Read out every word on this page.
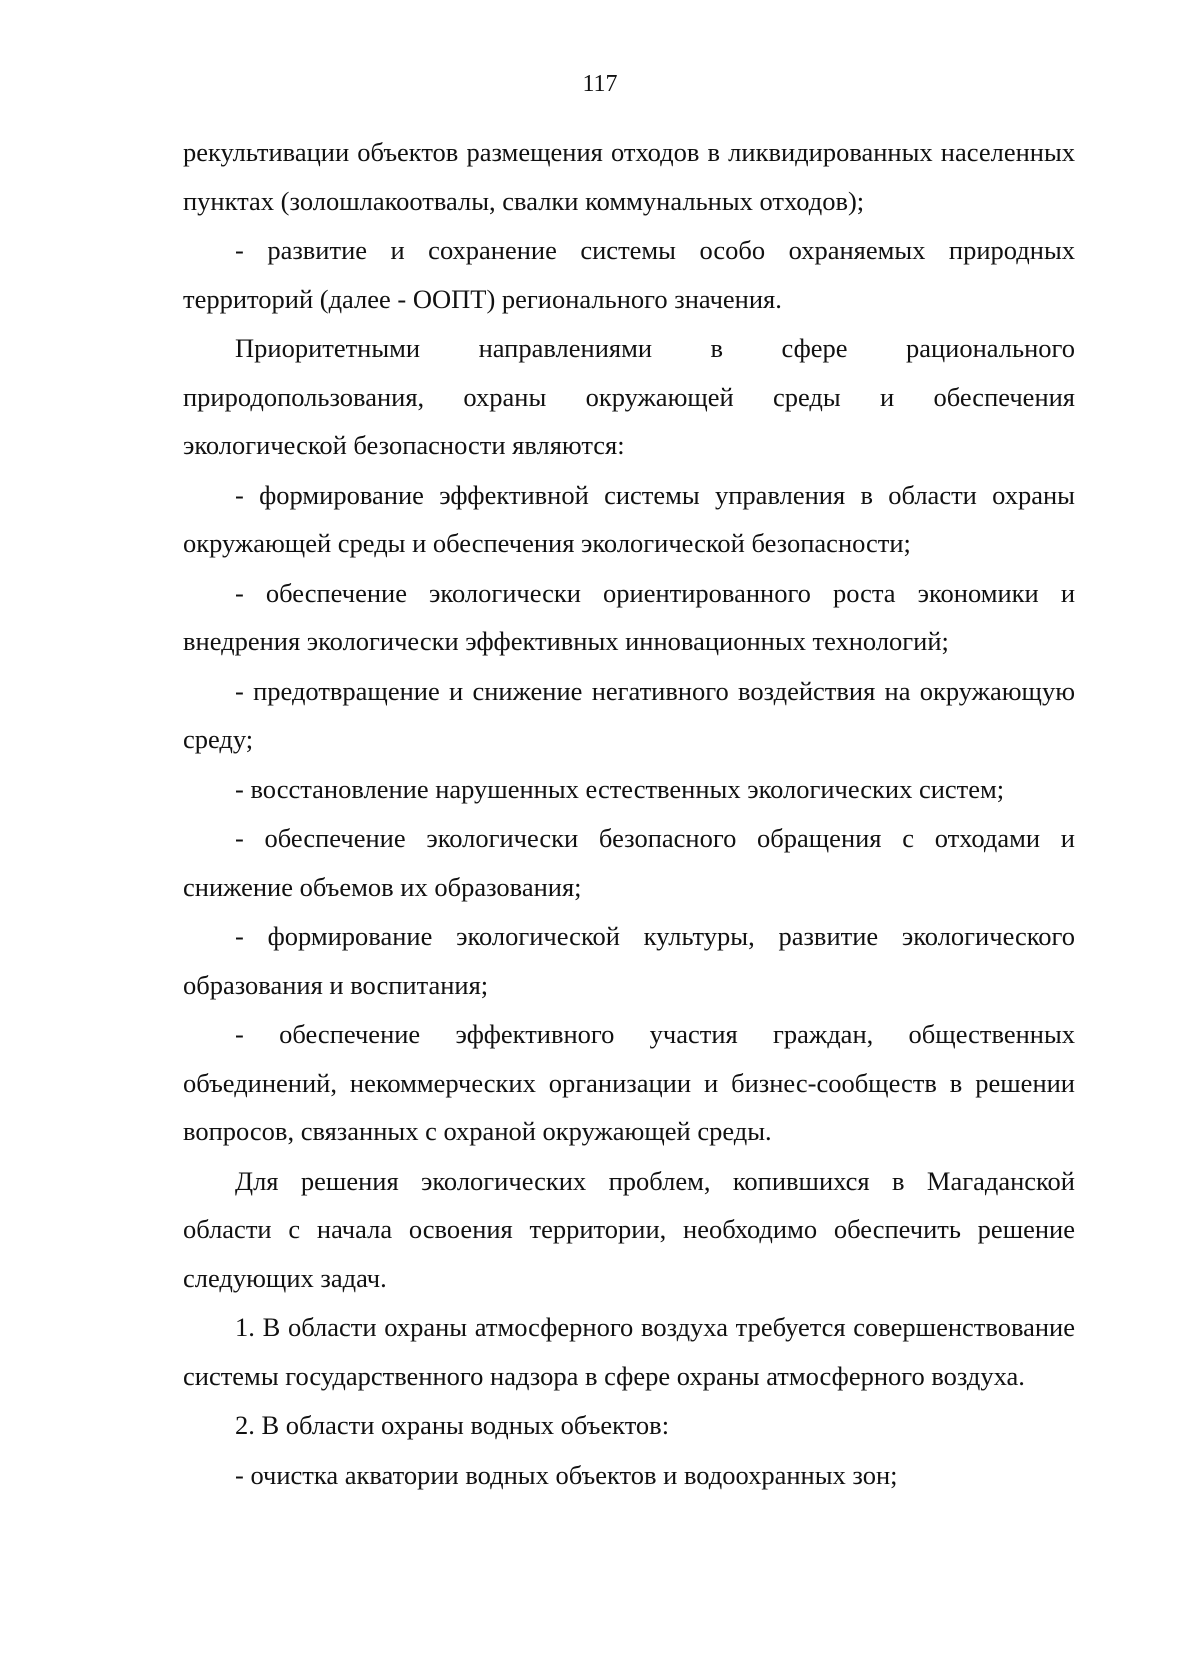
117

рекультивации объектов размещения отходов в ликвидированных населенных пунктах (золошлакоотвалы, свалки коммунальных отходов);

- развитие и сохранение системы особо охраняемых природных территорий (далее - ООПТ) регионального значения.

Приоритетными направлениями в сфере рационального природопользования, охраны окружающей среды и обеспечения экологической безопасности являются:

- формирование эффективной системы управления в области охраны окружающей среды и обеспечения экологической безопасности;

- обеспечение экологически ориентированного роста экономики и внедрения экологически эффективных инновационных технологий;

- предотвращение и снижение негативного воздействия на окружающую среду;

- восстановление нарушенных естественных экологических систем;

- обеспечение экологически безопасного обращения с отходами и снижение объемов их образования;

- формирование экологической культуры, развитие экологического образования и воспитания;

- обеспечение эффективного участия граждан, общественных объединений, некоммерческих организации и бизнес-сообществ в решении вопросов, связанных с охраной окружающей среды.

Для решения экологических проблем, копившихся в Магаданской области с начала освоения территории, необходимо обеспечить решение следующих задач.

1. В области охраны атмосферного воздуха требуется совершенствование системы государственного надзора в сфере охраны атмосферного воздуха.

2. В области охраны водных объектов:

- очистка акватории водных объектов и водоохранных зон;
